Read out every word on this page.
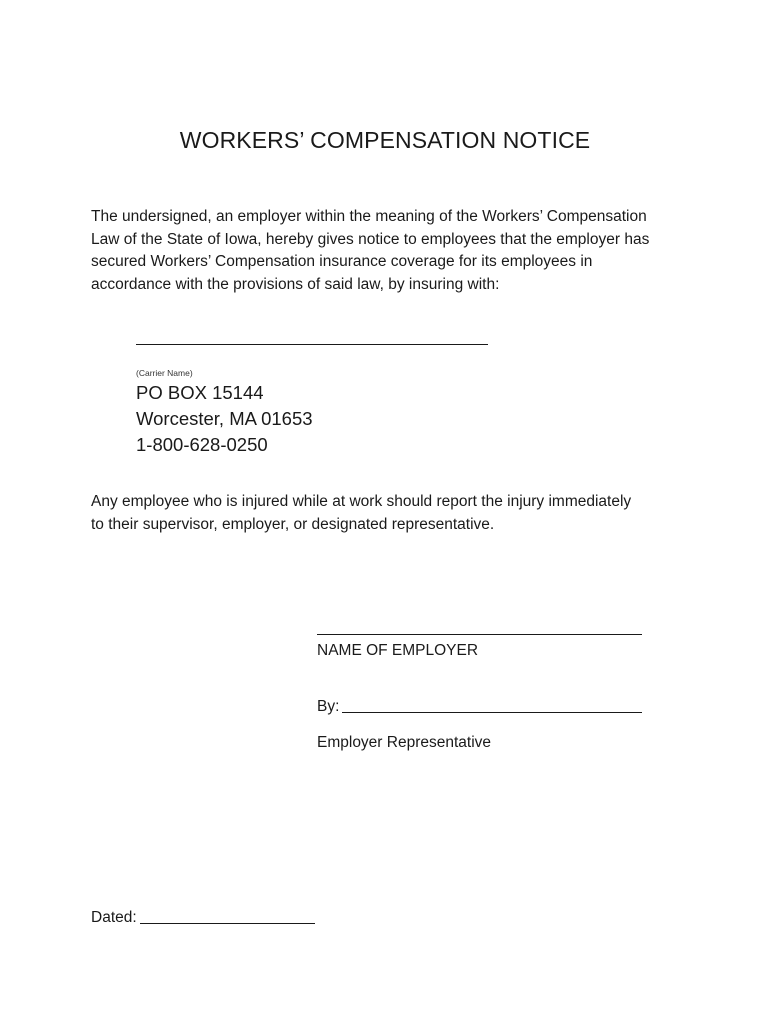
WORKERS’ COMPENSATION NOTICE
The undersigned, an employer within the meaning of the Workers’ Compensation
Law of the State of Iowa, hereby gives notice to employees that the employer has
secured Workers’ Compensation insurance coverage for its employees in
accordance with the provisions of said law, by insuring with:
(Carrier Name)
PO BOX 15144
Worcester, MA 01653
1-800-628-0250
Any employee who is injured while at work should report the injury immediately
to their supervisor, employer, or designated representative.
NAME OF EMPLOYER
By:
Employer Representative
Dated:
